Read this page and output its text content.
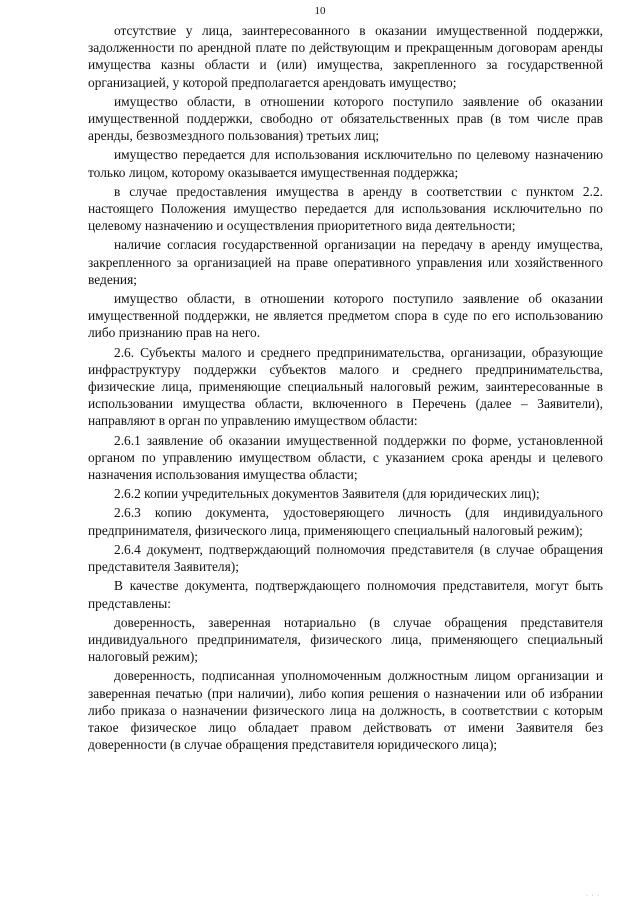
10

отсутствие у лица, заинтересованного в оказании имущественной поддержки, задолженности по арендной плате по действующим и прекращенным договорам аренды имущества казны области и (или) имущества, закрепленного за государственной организацией, у которой предполагается арендовать имущество;

имущество области, в отношении которого поступило заявление об оказании имущественной поддержки, свободно от обязательственных прав (в том числе прав аренды, безвозмездного пользования) третьих лиц;

имущество передается для использования исключительно по целевому назначению только лицом, которому оказывается имущественная поддержка;

в случае предоставления имущества в аренду в соответствии с пунктом 2.2. настоящего Положения имущество передается для использования исключительно по целевому назначению и осуществления приоритетного вида деятельности;

наличие согласия государственной организации на передачу в аренду имущества, закрепленного за организацией на праве оперативного управления или хозяйственного ведения;

имущество области, в отношении которого поступило заявление об оказании имущественной поддержки, не является предметом спора в суде по его использованию либо признанию прав на него.

2.6. Субъекты малого и среднего предпринимательства, организации, образующие инфраструктуру поддержки субъектов малого и среднего предпринимательства, физические лица, применяющие специальный налоговый режим, заинтересованные в использовании имущества области, включенного в Перечень (далее – Заявители), направляют в орган по управлению имуществом области:

2.6.1 заявление об оказании имущественной поддержки по форме, установленной органом по управлению имуществом области, с указанием срока аренды и целевого назначения использования имущества области;

2.6.2 копии учредительных документов Заявителя (для юридических лиц);

2.6.3 копию документа, удостоверяющего личность (для индивидуального предпринимателя, физического лица, применяющего специальный налоговый режим);

2.6.4 документ, подтверждающий полномочия представителя (в случае обращения представителя Заявителя);

В качестве документа, подтверждающего полномочия представителя, могут быть представлены:

доверенность, заверенная нотариально (в случае обращения представителя индивидуального предпринимателя, физического лица, применяющего специальный налоговый режим);

доверенность, подписанная уполномоченным должностным лицом организации и заверенная печатью (при наличии), либо копия решения о назначении или об избрании либо приказа о назначении физического лица на должность, в соответствии с которым такое физическое лицо обладает правом действовать от имени Заявителя без доверенности (в случае обращения представителя юридического лица);

· · ·
